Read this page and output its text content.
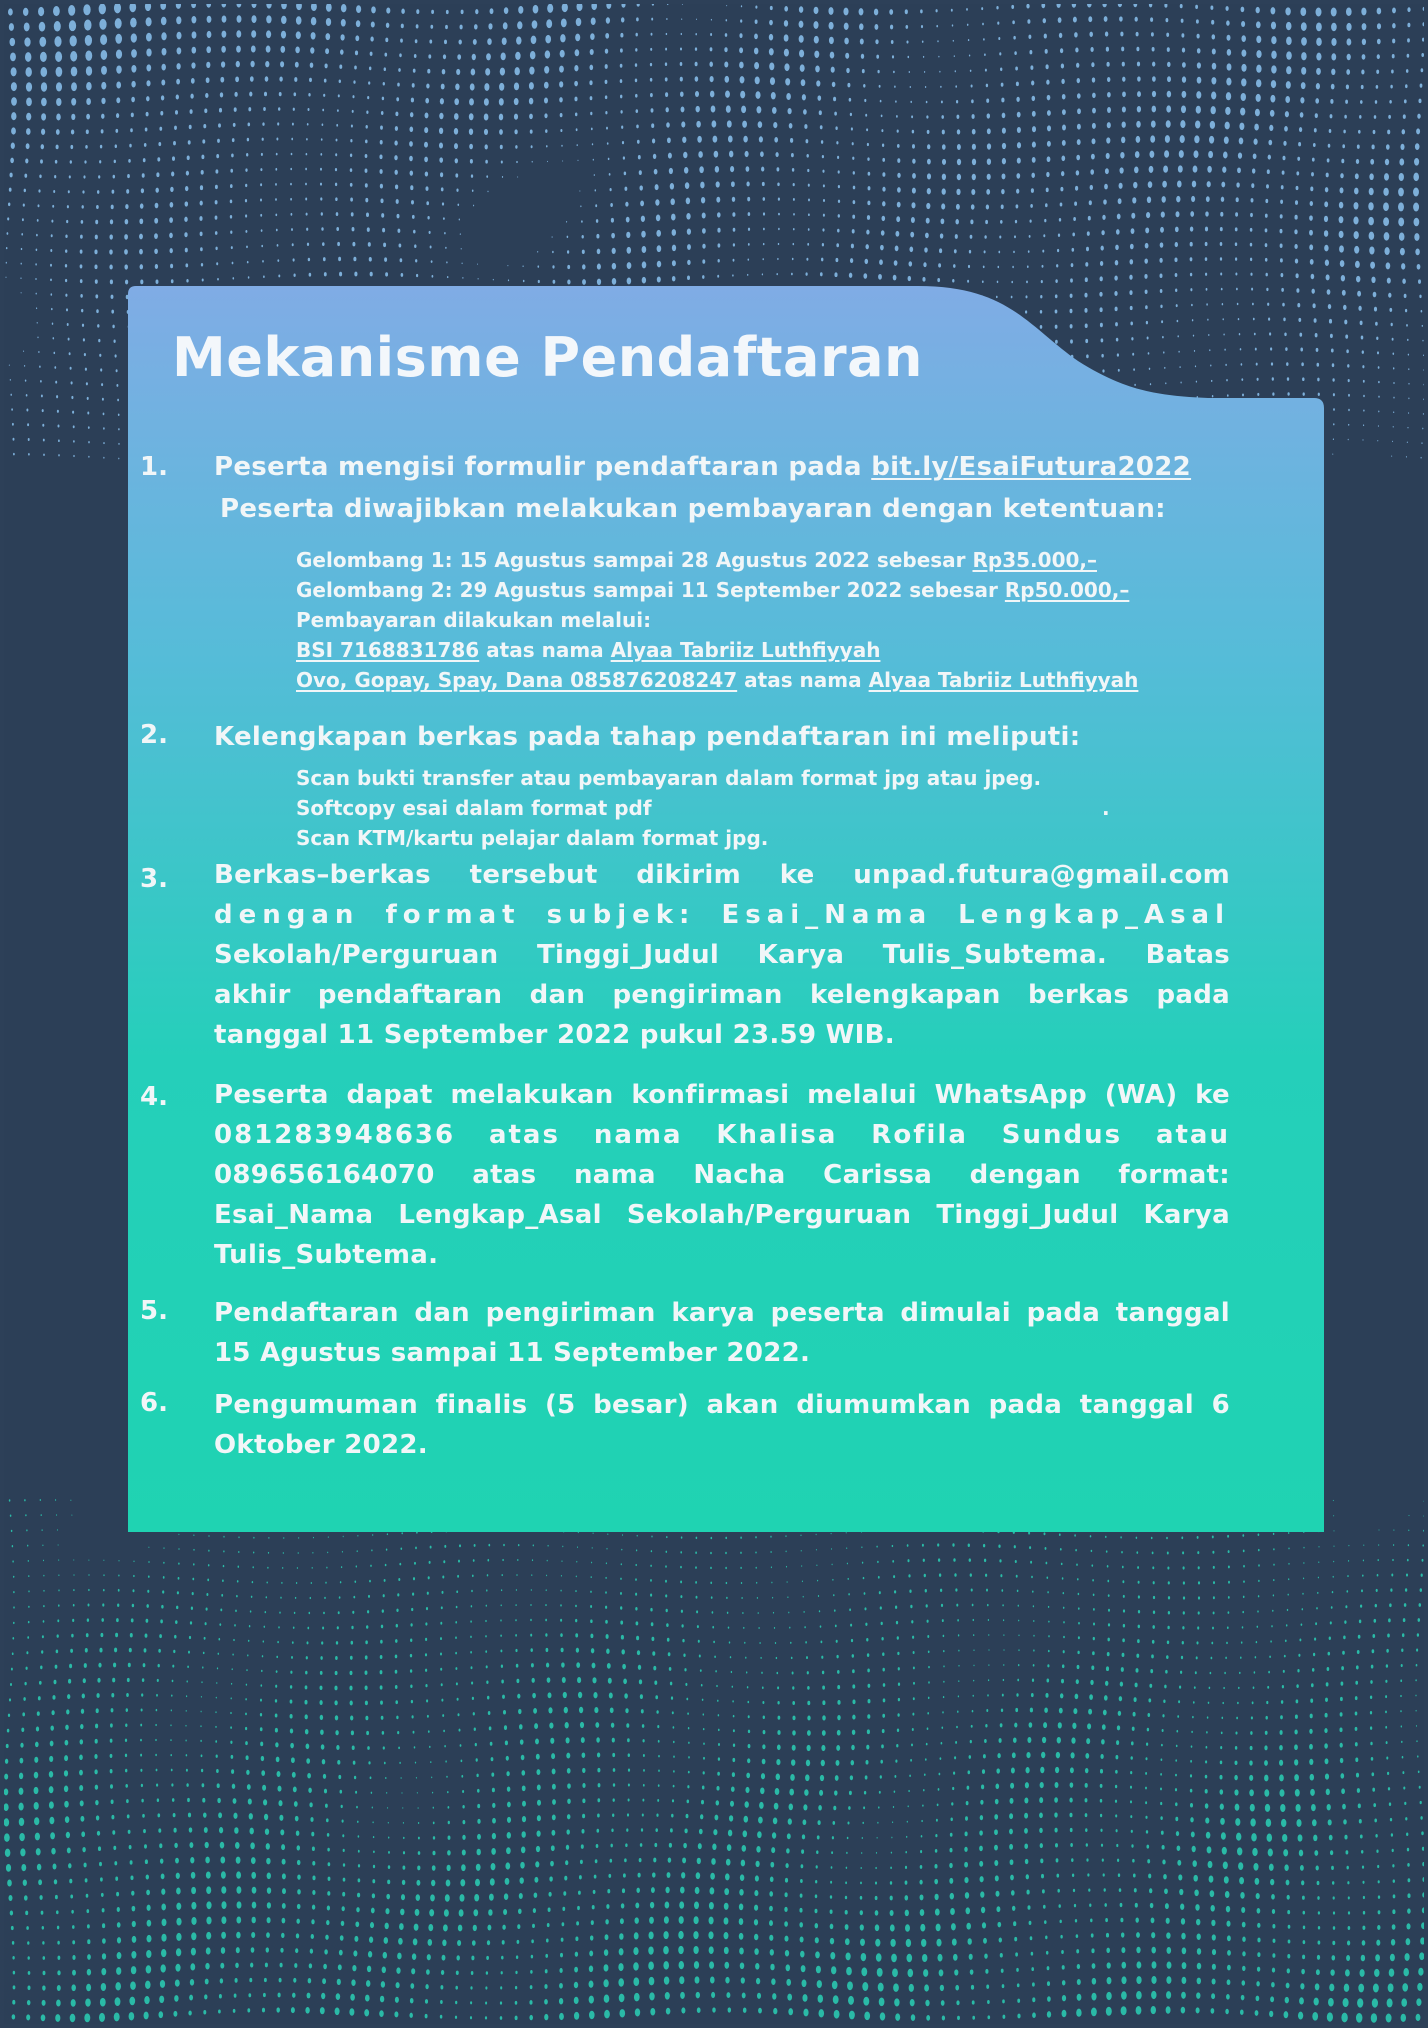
Mekanisme Pendaftaran
1. Peserta mengisi formulir pendaftaran pada bit.ly/EsaiFutura2022
Peserta diwajibkan melakukan pembayaran dengan ketentuan:
Gelombang 1: 15 Agustus sampai 28 Agustus 2022 sebesar Rp35.000,–
Gelombang 2: 29 Agustus sampai 11 September 2022 sebesar Rp50.000,–
Pembayaran dilakukan melalui:
BSI 7168831786 atas nama Alyaa Tabriiz Luthfiyyah
Ovo, Gopay, Spay, Dana 085876208247 atas nama Alyaa Tabriiz Luthfiyyah
2. Kelengkapan berkas pada tahap pendaftaran ini meliputi:
Scan bukti transfer atau pembayaran dalam format jpg atau jpeg.
Softcopy esai dalam format pdf	.
Scan KTM/kartu pelajar dalam format jpg.
3. Berkas–berkas tersebut dikirim ke unpad.futura@gmail.com
dengan format subjek: Esai_Nama Lengkap_Asal
Sekolah/Perguruan Tinggi_Judul Karya Tulis_Subtema. Batas
akhir pendaftaran dan pengiriman kelengkapan berkas pada
tanggal 11 September 2022 pukul 23.59 WIB.
4. Peserta dapat melakukan konfirmasi melalui WhatsApp (WA) ke
081283948636 atas nama Khalisa Rofila Sundus atau
089656164070 atas nama Nacha Carissa dengan format:
Esai_Nama Lengkap_Asal Sekolah/Perguruan Tinggi_Judul Karya
Tulis_Subtema.
5. Pendaftaran dan pengiriman karya peserta dimulai pada tanggal
15 Agustus sampai 11 September 2022.
6. Pengumuman finalis (5 besar) akan diumumkan pada tanggal 6
Oktober 2022.
